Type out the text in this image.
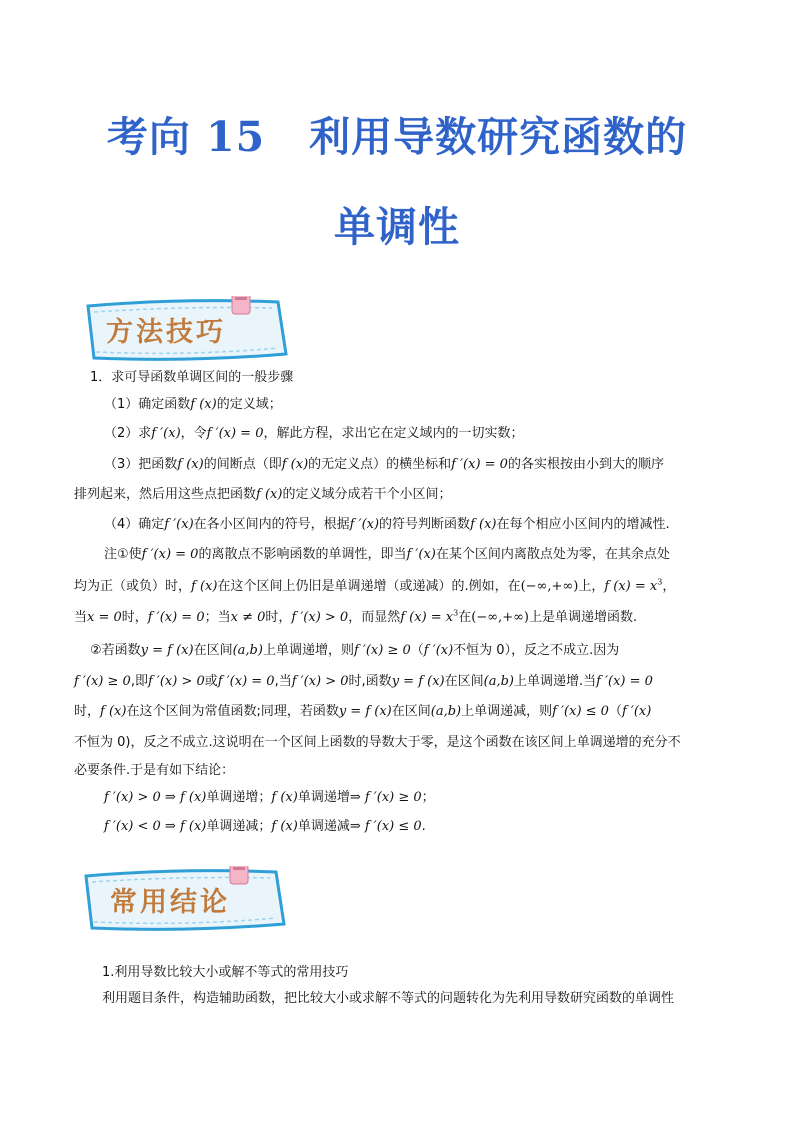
考向 15 利用导数研究函数的
单调性
方法技巧
1．求可导函数单调区间的一般步骤
（1）确定函数f (x)的定义域；
（2）求f ′(x)，令f ′(x) = 0，解此方程，求出它在定义域内的一切实数；
（3）把函数f (x)的间断点（即f (x)的无定义点）的横坐标和f ′(x) = 0的各实根按由小到大的顺序
排列起来，然后用这些点把函数f (x)的定义域分成若干个小区间；
（4）确定f ′(x)在各小区间内的符号，根据f ′(x)的符号判断函数f (x)在每个相应小区间内的增减性.
注①使f ′(x) = 0的离散点不影响函数的单调性，即当f ′(x)在某个区间内离散点处为零，在其余点处
均为正（或负）时，f (x)在这个区间上仍旧是单调递增（或递减）的.例如，在(−∞,+∞)上，f $(x) = x^3$，
当x = 0时，f ′(x) = 0；当x ≠ 0时，f ′(x) > 0，而显然f $(x) = x^3$在(−∞,+∞)上是单调递增函数.
②若函数y = f (x)在区间(a,b)上单调递增，则f ′(x) ≥ 0（f ′(x)不恒为 0），反之不成立.因为
f ′(x) ≥ 0,即f ′(x) > 0或f ′(x) = 0,当f ′(x) > 0时,函数y = f (x)在区间(a,b)上单调递增.当f ′(x) = 0
时，f (x)在这个区间为常值函数;同理，若函数y = f (x)在区间(a,b)上单调递减，则f ′(x) ≤ 0（f ′(x)
不恒为 0)，反之不成立.这说明在一个区间上函数的导数大于零，是这个函数在该区间上单调递增的充分不
必要条件.于是有如下结论：
f ′(x) > 0 ⇒ f (x)单调递增；f (x)单调递增⇒ f ′(x) ≥ 0；
f ′(x) < 0 ⇒ f (x)单调递减；f (x)单调递减⇒ f ′(x) ≤ 0.
常用结论
1.利用导数比较大小或解不等式的常用技巧
利用题目条件，构造辅助函数，把比较大小或求解不等式的问题转化为先利用导数研究函数的单调性
